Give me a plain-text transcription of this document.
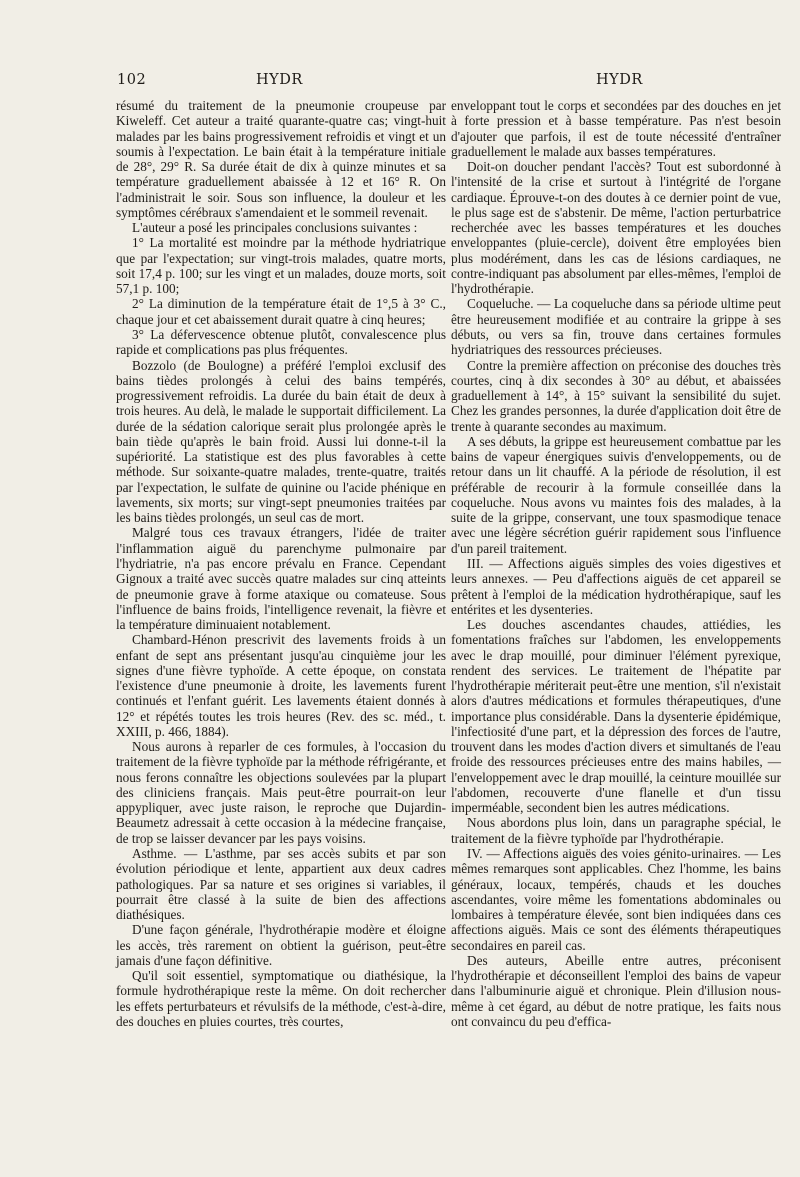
102	HYDR	HYDR

résumé du traitement de la pneumonie croupeuse par Kiweleff. Cet auteur a traité quarante-quatre cas; vingt-huit malades par les bains progressivement refroidis et vingt et un soumis à l'expectation. Le bain était à la température initiale de 28°, 29° R. Sa durée était de dix à quinze minutes et sa température graduellement abaissée à 12 et 16° R. On l'administrait le soir. Sous son influence, la douleur et les symptômes cérébraux s'amendaient et le sommeil revenait.

L'auteur a posé les principales conclusions suivantes :

1° La mortalité est moindre par la méthode hydriatrique que par l'expectation; sur vingt-trois malades, quatre morts, soit 17,4 p. 100; sur les vingt et un malades, douze morts, soit 57,1 p. 100;

2° La diminution de la température était de 1°,5 à 3° C., chaque jour et cet abaissement durait quatre à cinq heures;

3° La défervescence obtenue plutôt, convalescence plus rapide et complications pas plus fréquentes.

Bozzolo (de Boulogne) a préféré l'emploi exclusif des bains tièdes prolongés à celui des bains tempérés, progressivement refroidis. La durée du bain était de deux à trois heures. Au delà, le malade le supportait difficilement. La durée de la sédation calorique serait plus prolongée après le bain tiède qu'après le bain froid. Aussi lui donne-t-il la supériorité. La statistique est des plus favorables à cette méthode. Sur soixante-quatre malades, trente-quatre, traités par l'expectation, le sulfate de quinine ou l'acide phénique en lavements, six morts; sur vingt-sept pneumonies traitées par les bains tièdes prolongés, un seul cas de mort.

Malgré tous ces travaux étrangers, l'idée de traiter l'inflammation aiguë du parenchyme pulmonaire par l'hydriatrie, n'a pas encore prévalu en France. Cependant Gignoux a traité avec succès quatre malades sur cinq atteints de pneumonie grave à forme ataxique ou comateuse. Sous l'influence de bains froids, l'intelligence revenait, la fièvre et la température diminuaient notablement.

Chambard-Hénon prescrivit des lavements froids à un enfant de sept ans présentant jusqu'au cinquième jour les signes d'une fièvre typhoïde. A cette époque, on constata l'existence d'une pneumonie à droite, les lavements furent continués et l'enfant guérit. Les lavements étaient donnés à 12° et répétés toutes les trois heures (Rev. des sc. méd., t. XXIII, p. 466, 1884).

Nous aurons à reparler de ces formules, à l'occasion du traitement de la fièvre typhoïde par la méthode réfrigérante, et nous ferons connaître les objections soulevées par la plupart des cliniciens français. Mais peut-être pourrait-on leur appypliquer, avec juste raison, le reproche que Dujardin-Beaumetz adressait à cette occasion à la médecine française, de trop se laisser devancer par les pays voisins.

Asthme. — L'asthme, par ses accès subits et par son évolution périodique et lente, appartient aux deux cadres pathologiques. Par sa nature et ses origines si variables, il pourrait être classé à la suite de bien des affections diathésiques.

D'une façon générale, l'hydrothérapie modère et éloigne les accès, très rarement on obtient la guérison, peut-être jamais d'une façon définitive.

Qu'il soit essentiel, symptomatique ou diathésique, la formule hydrothérapique reste la même. On doit rechercher les effets perturbateurs et révulsifs de la méthode, c'est-à-dire, des douches en pluies courtes, très courtes,

enveloppant tout le corps et secondées par des douches en jet à forte pression et à basse température. Pas n'est besoin d'ajouter que parfois, il est de toute nécessité d'entraîner graduellement le malade aux basses températures.

Doit-on doucher pendant l'accès? Tout est subordonné à l'intensité de la crise et surtout à l'intégrité de l'organe cardiaque. Éprouve-t-on des doutes à ce dernier point de vue, le plus sage est de s'abstenir. De même, l'action perturbatrice recherchée avec les basses températures et les douches enveloppantes (pluie-cercle), doivent être employées bien plus modérément, dans les cas de lésions cardiaques, ne contre-indiquant pas absolument par elles-mêmes, l'emploi de l'hydrothérapie.

Coqueluche. — La coqueluche dans sa période ultime peut être heureusement modifiée et au contraire la grippe à ses débuts, ou vers sa fin, trouve dans certaines formules hydriatriques des ressources précieuses.

Contre la première affection on préconise des douches très courtes, cinq à dix secondes à 30° au début, et abaissées graduellement à 14°, à 15° suivant la sensibilité du sujet. Chez les grandes personnes, la durée d'application doit être de trente à quarante secondes au maximum.

A ses débuts, la grippe est heureusement combattue par les bains de vapeur énergiques suivis d'enveloppements, ou de retour dans un lit chauffé. A la période de résolution, il est préférable de recourir à la formule conseillée dans la coqueluche. Nous avons vu maintes fois des malades, à la suite de la grippe, conservant, une toux spasmodique tenace avec une légère sécrétion guérir rapidement sous l'influence d'un pareil traitement.

III. — Affections aiguës simples des voies digestives et leurs annexes. — Peu d'affections aiguës de cet appareil se prêtent à l'emploi de la médication hydrothérapique, sauf les entérites et les dysenteries.

Les douches ascendantes chaudes, attiédies, les fomentations fraîches sur l'abdomen, les enveloppements avec le drap mouillé, pour diminuer l'élément pyrexique, rendent des services. Le traitement de l'hépatite par l'hydrothérapie mériterait peut-être une mention, s'il n'existait alors d'autres médications et formules thérapeutiques, d'une importance plus considérable. Dans la dysenterie épidémique, l'infectiosité d'une part, et la dépression des forces de l'autre, trouvent dans les modes d'action divers et simultanés de l'eau froide des ressources précieuses entre des mains habiles, — l'enveloppement avec le drap mouillé, la ceinture mouillée sur l'abdomen, recouverte d'une flanelle et d'un tissu imperméable, secondent bien les autres médications.

Nous abordons plus loin, dans un paragraphe spécial, le traitement de la fièvre typhoïde par l'hydrothérapie.

IV. — Affections aiguës des voies génito-urinaires. — Les mêmes remarques sont applicables. Chez l'homme, les bains généraux, locaux, tempérés, chauds et les douches ascendantes, voire même les fomentations abdominales ou lombaires à température élevée, sont bien indiquées dans ces affections aiguës. Mais ce sont des éléments thérapeutiques secondaires en pareil cas.

Des auteurs, Abeille entre autres, préconisent l'hydrothérapie et déconseillent l'emploi des bains de vapeur dans l'albuminurie aiguë et chronique. Plein d'illusion nous-même à cet égard, au début de notre pratique, les faits nous ont convaincu du peu d'effica-
